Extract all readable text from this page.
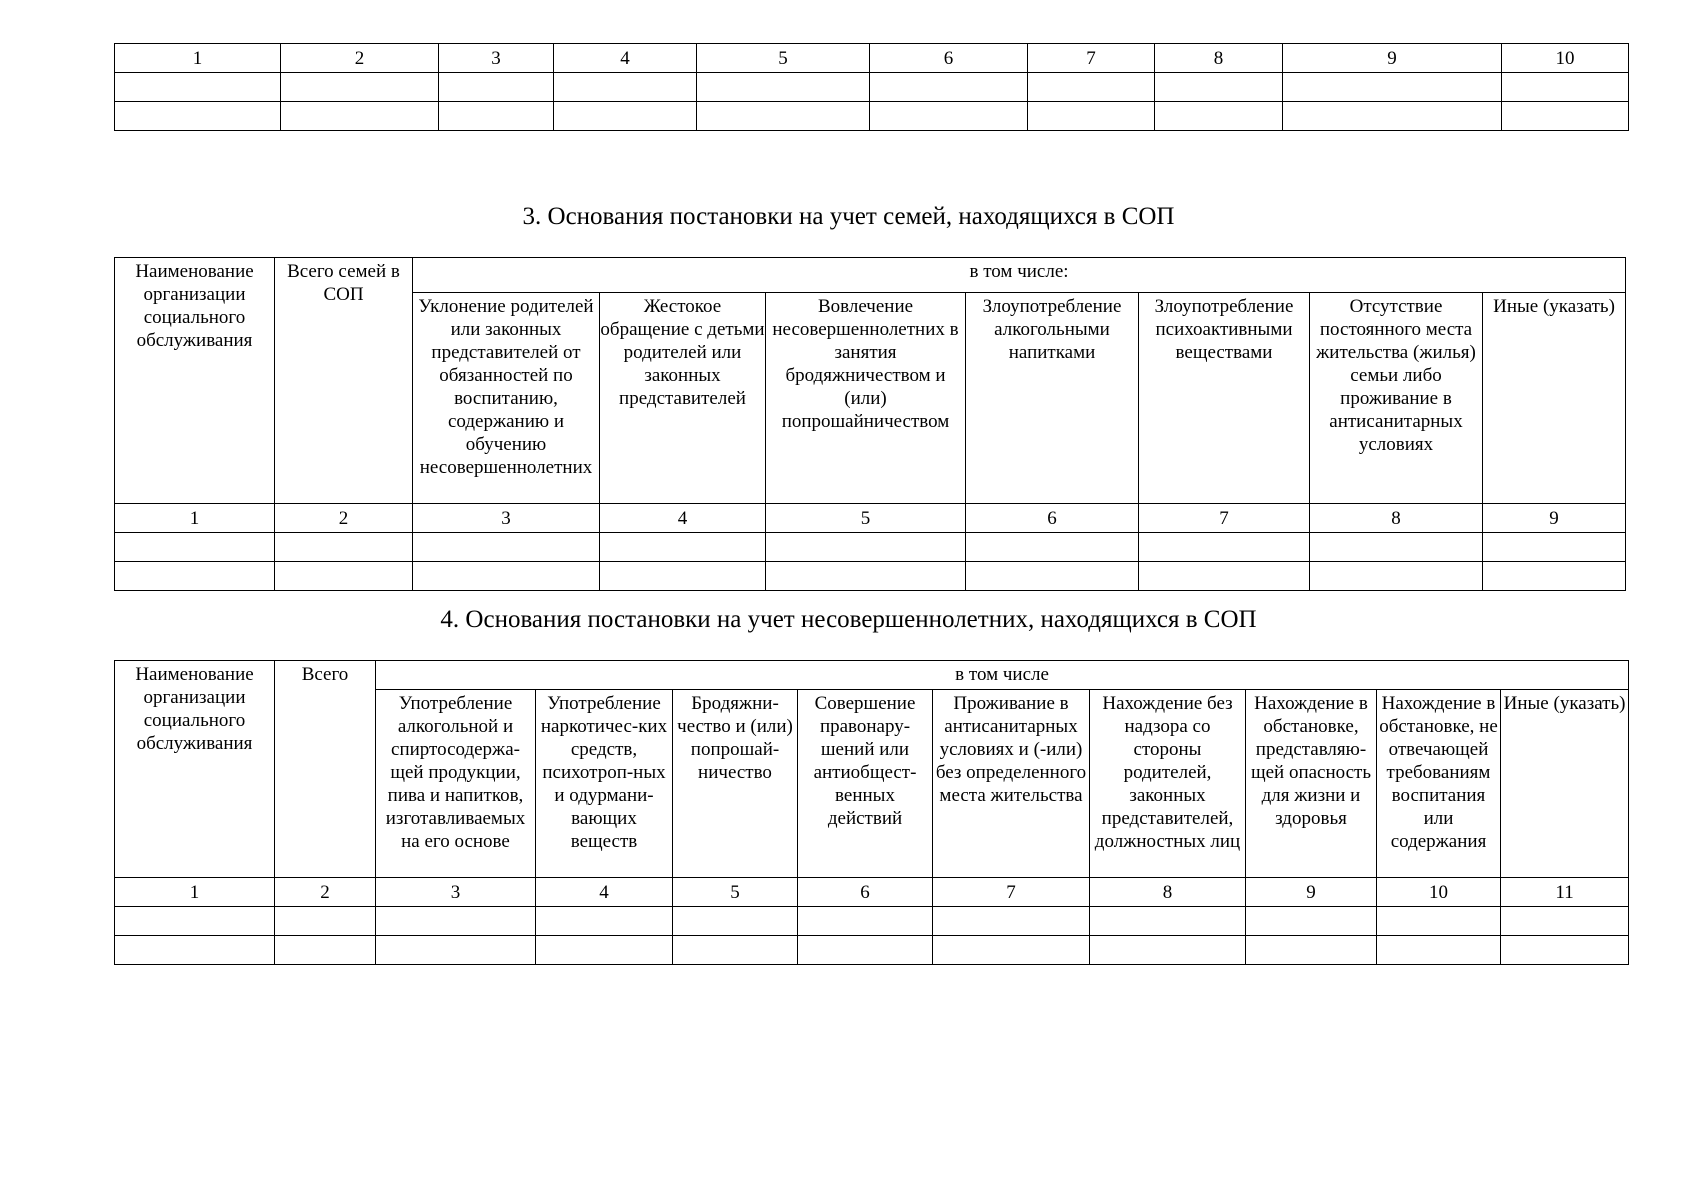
1	2	3	4	5	6	7	8	9	10

3. Основания постановки на учет семей, находящихся в СОП
Наименование организации социального обслуживания	Всего семей в СОП	в том числе:						

		Уклонение родителей или законных представителей от обязанностей по воспитанию, содержанию и обучению несовершеннолетних	Жестокое обращение с детьми родителей или законных представителей	Вовлечение несовершеннолетних в занятия бродяжничеством и (или) попрошайничеством	Злоупотребление алкогольными напитками	Злоупотребление психоактивными веществами	Отсутствие постоянного места жительства (жилья) семьи либо проживание в антисанитарных условиях	Иные (указать)

1	2	3	4	5	6	7	8	9

4. Основания постановки на учет несовершеннолетних, находящихся в СОП
Наименование организации социального обслуживания	Всего	в том числе								

		Употребление алкогольной и спиртосодержа-щей продукции, пива и напитков, изготавливаемых на его основе	Употребление наркотичес-ких средств, психотроп-ных и одурмани-вающих веществ	Бродяжни-чество и (или) попрошай-ничество	Совершение правонару-шений или антиобщест-венных действий	Проживание в антисанитарных условиях и (-или) без определенного места жительства	Нахождение без надзора со стороны родителей, законных представителей, должностных лиц	Нахождение в обстановке, представляю-щей опасность для жизни и здоровья	Нахождение в обстановке, не отвечающей требованиям воспитания или содержания	Иные (указать)

1	2	3	4	5	6	7	8	9	10	11
